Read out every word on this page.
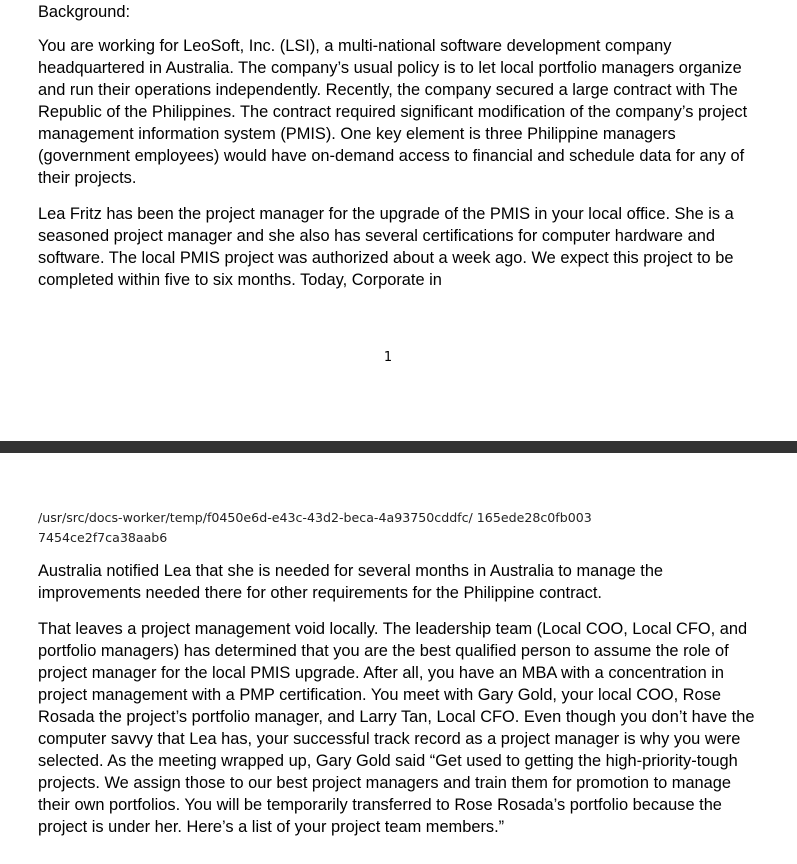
Background:

You are working for LeoSoft, Inc. (LSI), a multi-national software development company headquartered in Australia. The company’s usual policy is to let local portfolio managers organize and run their operations independently. Recently, the company secured a large contract with The Republic of the Philippines. The contract required significant modification of the company’s project management information system (PMIS). One key element is three Philippine managers (government employees) would have on-demand access to financial and schedule data for any of their projects.

Lea Fritz has been the project manager for the upgrade of the PMIS in your local office. She is a seasoned project manager and she also has several certifications for computer hardware and software. The local PMIS project was authorized about a week ago. We expect this project to be completed within five to six months. Today, Corporate in

1
/usr/src/docs-worker/temp/f0450e6d-e43c-43d2-beca-4a93750cddfc/ 165ede28c0fb0037454ce2f7ca38aab6

Australia notified Lea that she is needed for several months in Australia to manage the improvements needed there for other requirements for the Philippine contract.

That leaves a project management void locally. The leadership team (Local COO, Local CFO, and portfolio managers) has determined that you are the best qualified person to assume the role of project manager for the local PMIS upgrade. After all, you have an MBA with a concentration in project management with a PMP certification. You meet with Gary Gold, your local COO, Rose Rosada the project’s portfolio manager, and Larry Tan, Local CFO. Even though you don’t have the computer savvy that Lea has, your successful track record as a project manager is why you were selected. As the meeting wrapped up, Gary Gold said “Get used to getting the high-priority-tough projects. We assign those to our best project managers and train them for promotion to manage their own portfolios. You will be temporarily transferred to Rose Rosada’s portfolio because the project is under her. Here’s a list of your project team members.”
